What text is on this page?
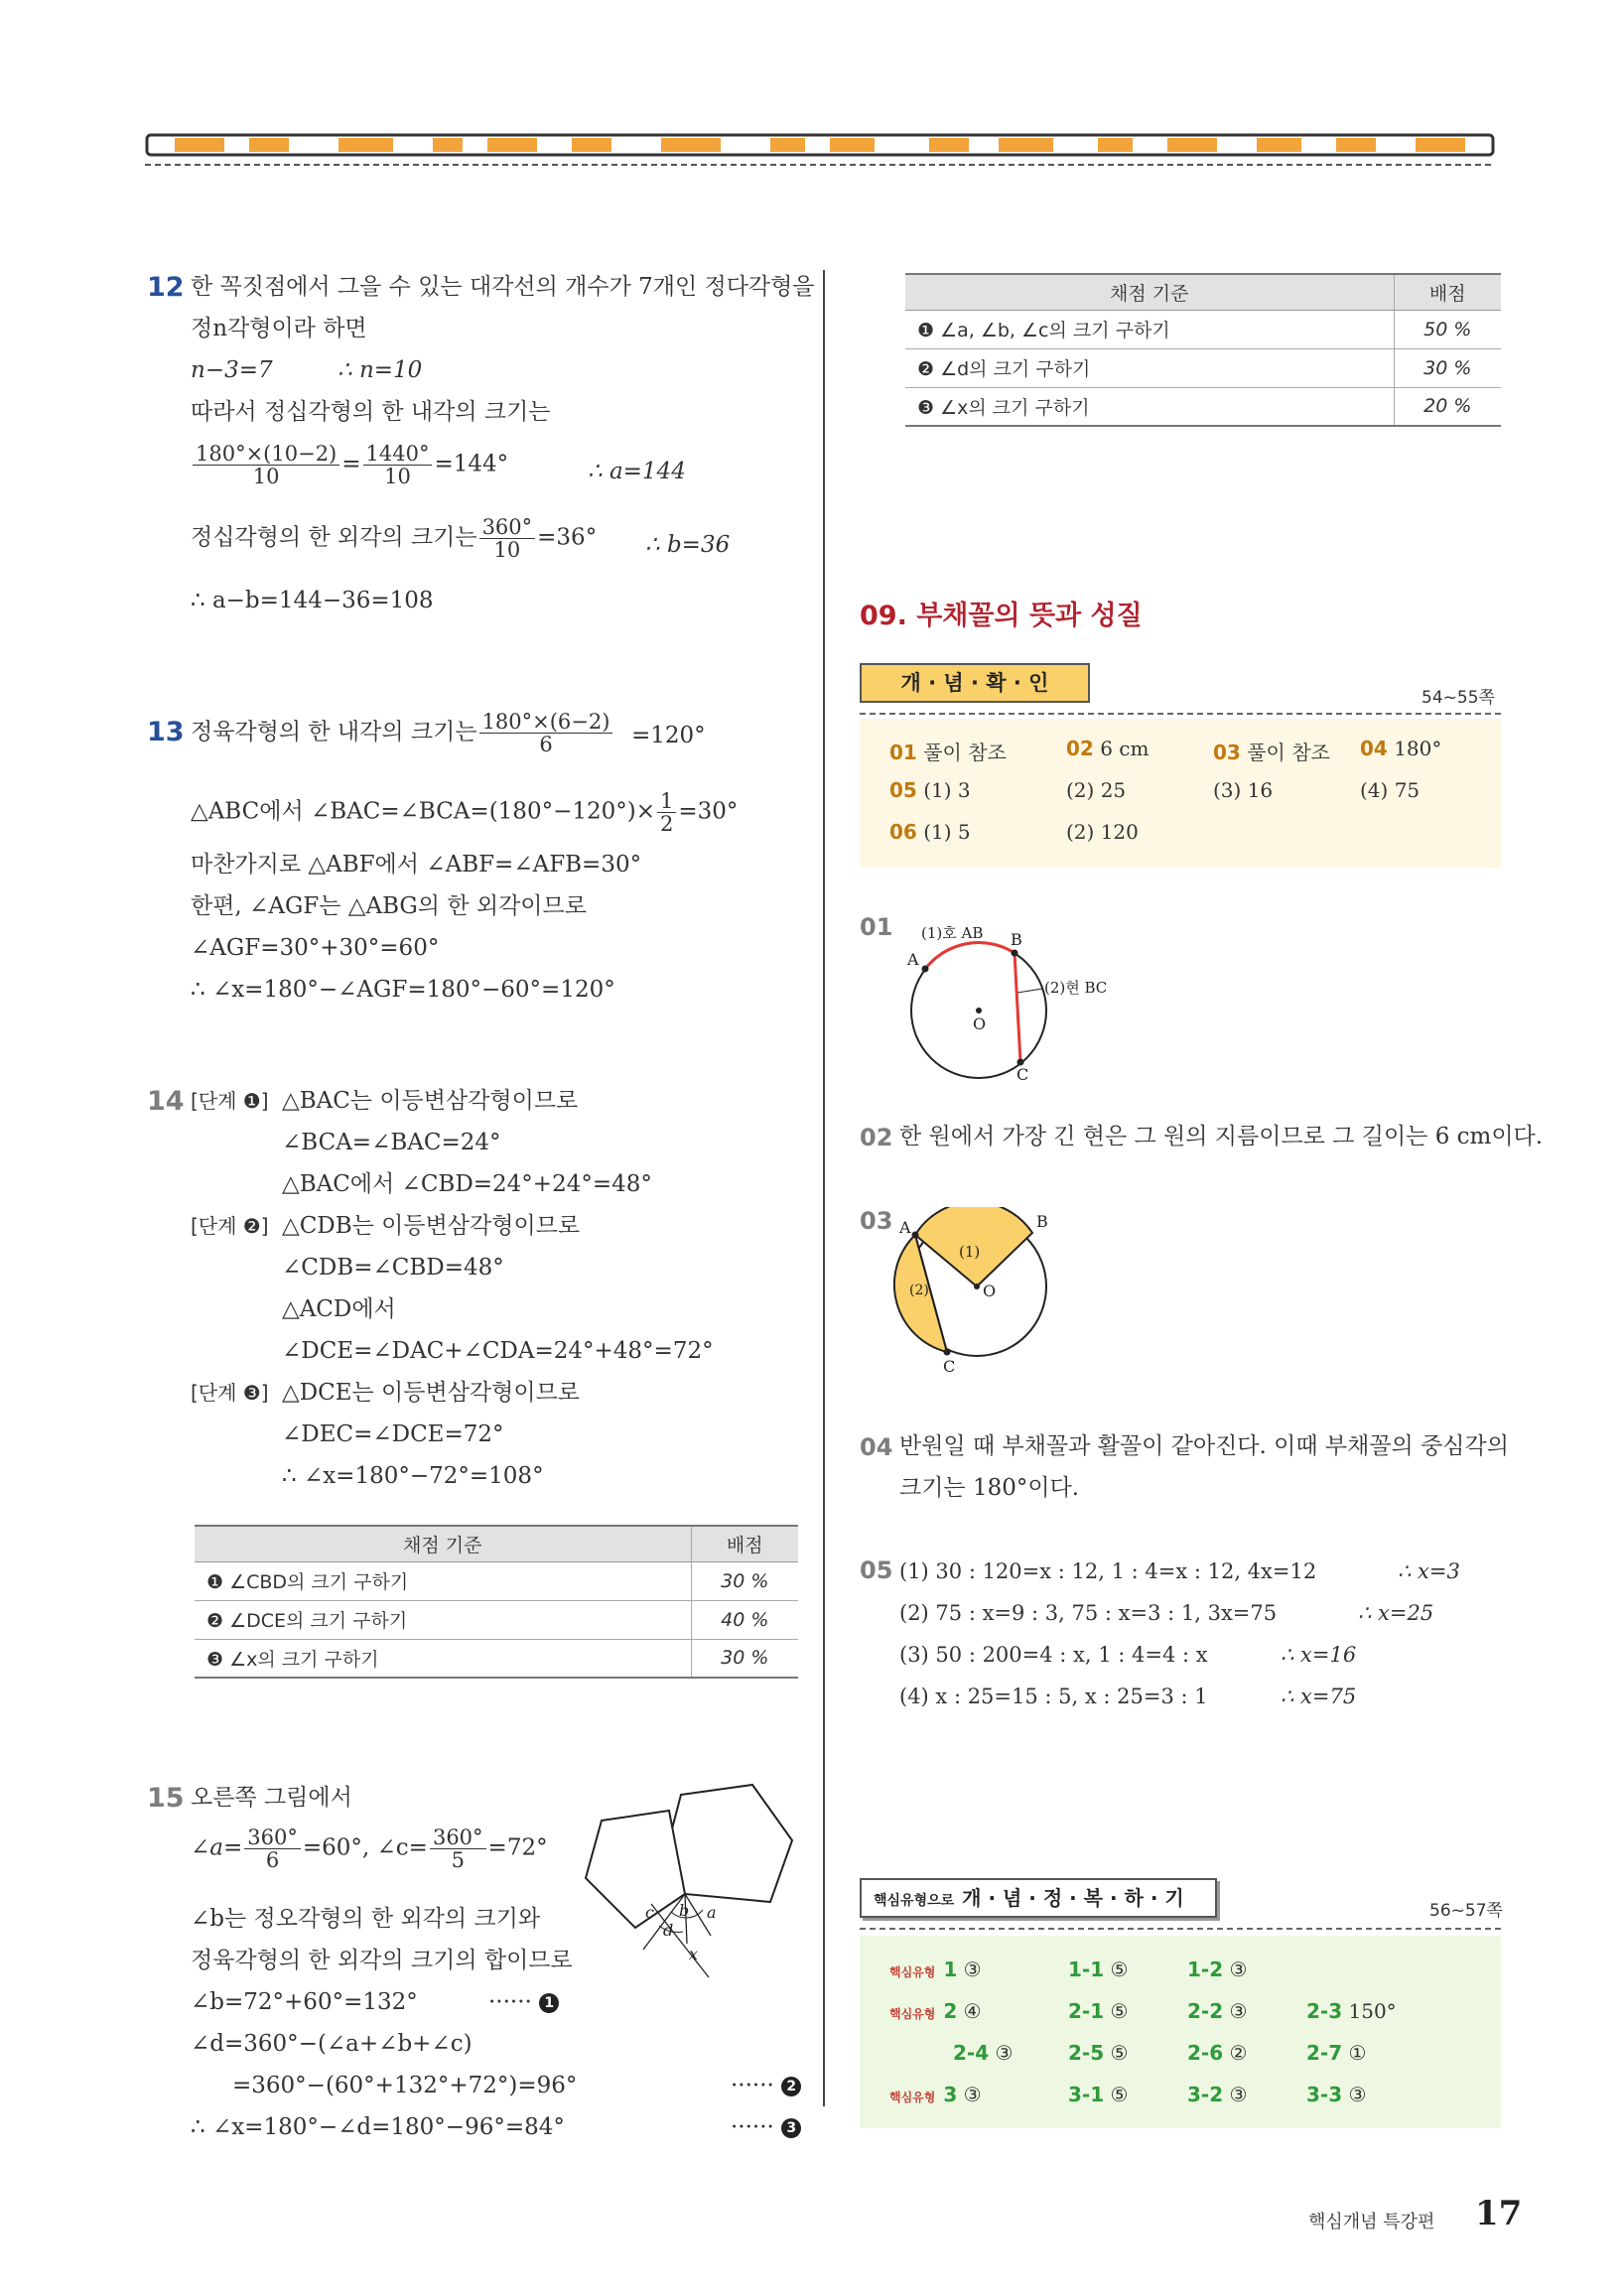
12 한 꼭짓점에서 그을 수 있는 대각선의 개수가 7개인 정다각형을
정n각형이라 하면
n−3=7	∴ n=10
따라서 정십각형의 한 내각의 크기는
$\frac{180^\circ\times(10-2)}{10} = \frac{1440^\circ}{10} =144^\circ$	∴ a=144
정십각형의 한 외각의 크기는 $\frac{360^\circ}{10} =36^\circ$ ∴ b=36
∴ a−b=144−36=108
13 정육각형의 한 내각의 크기는 $\frac{180^\circ\times(6-2)}{6} =120^\circ$
△ABC에서 ∠BAC=∠BCA=(180°−120°)× $\frac{1}{2} =30^\circ$
마찬가지로 △ABF에서 ∠ABF=∠AFB=30°
한편, ∠AGF는 △ABG의 한 외각이므로
∠AGF=30°+30°=60°
∴ ∠x=180°−∠AGF=180°−60°=120°
14 [단계 ❶] △BAC는 이등변삼각형이므로
∠BCA=∠BAC=24°
△BAC에서 ∠CBD=24°+24°=48°
[단계 ❷] △CDB는 이등변삼각형이므로
∠CDB=∠CBD=48°
△ACD에서
∠DCE=∠DAC+∠CDA=24°+48°=72°
[단계 ❸] △DCE는 이등변삼각형이므로
∠DEC=∠DCE=72°
∴ ∠x=180°−72°=108°
채점 기준	배점
❶ ∠CBD의 크기 구하기	30 %
❷ ∠DCE의 크기 구하기	40 %
❸ ∠x의 크기 구하기	30 %
15 오른쪽 그림에서
∠a= $\frac{360^\circ}{6} =60^\circ$, ∠c= $\frac{360^\circ}{5} =72^\circ$
∠b는 정오각형의 한 외각의 크기와
정육각형의 한 외각의 크기의 합이므로
∠b=72°+60°=132°	······ 1
∠d=360°−(∠a+∠b+∠c)
=360°−(60°+132°+72°)=96°	······ 2
∴ ∠x=180°−∠d=180°−96°=84°	······ 3
c b a
d
x
채점 기준	배점
❶ ∠a, ∠b, ∠c의 크기 구하기	50 %
❷ ∠d의 크기 구하기	30 %
❸ ∠x의 크기 구하기	20 %
09. 부채꼴의 뜻과 성질
개 · 념 · 확 · 인
54~55쪽
01 풀이 참조	02 6 cm	03 풀이 참조 04 180°
05 (1) 3	(2) 25	(3) 16	(4) 75
06 (1) 5	(2) 120
01 (1)호 AB
(2)현 BC
A
B
C
O
02 한 원에서 가장 긴 현은 그 원의 지름이므로 그 길이는 6 cm이다.
03 A	B
C
O
(1)
(2)
04 반원일 때 부채꼴과 활꼴이 같아진다. 이때 부채꼴의 중심각의
크기는 180°이다.
05 (1) 30 : 120=x : 12, 1 : 4=x : 12, 4x=12	∴ x=3
(2) 75 : x=9 : 3, 75 : x=3 : 1, 3x=75	∴ x=25
(3) 50 : 200=4 : x, 1 : 4=4 : x	∴ x=16
(4) x : 25=15 : 5, x : 25=3 : 1	∴ x=75
핵심유형으로 개 · 념 · 정 · 복 · 하 · 기
56~57쪽
핵심유형 1 ③	1-1 ⑤	1-2 ③
핵심유형 2 ④	2-1 ⑤	2-2 ③	2-3 150°
2-4 ③	2-5 ⑤	2-6 ②	2-7 ①
핵심유형 3 ③	3-1 ⑤	3-2 ③	3-3 ③
핵심개념 특강편 17
